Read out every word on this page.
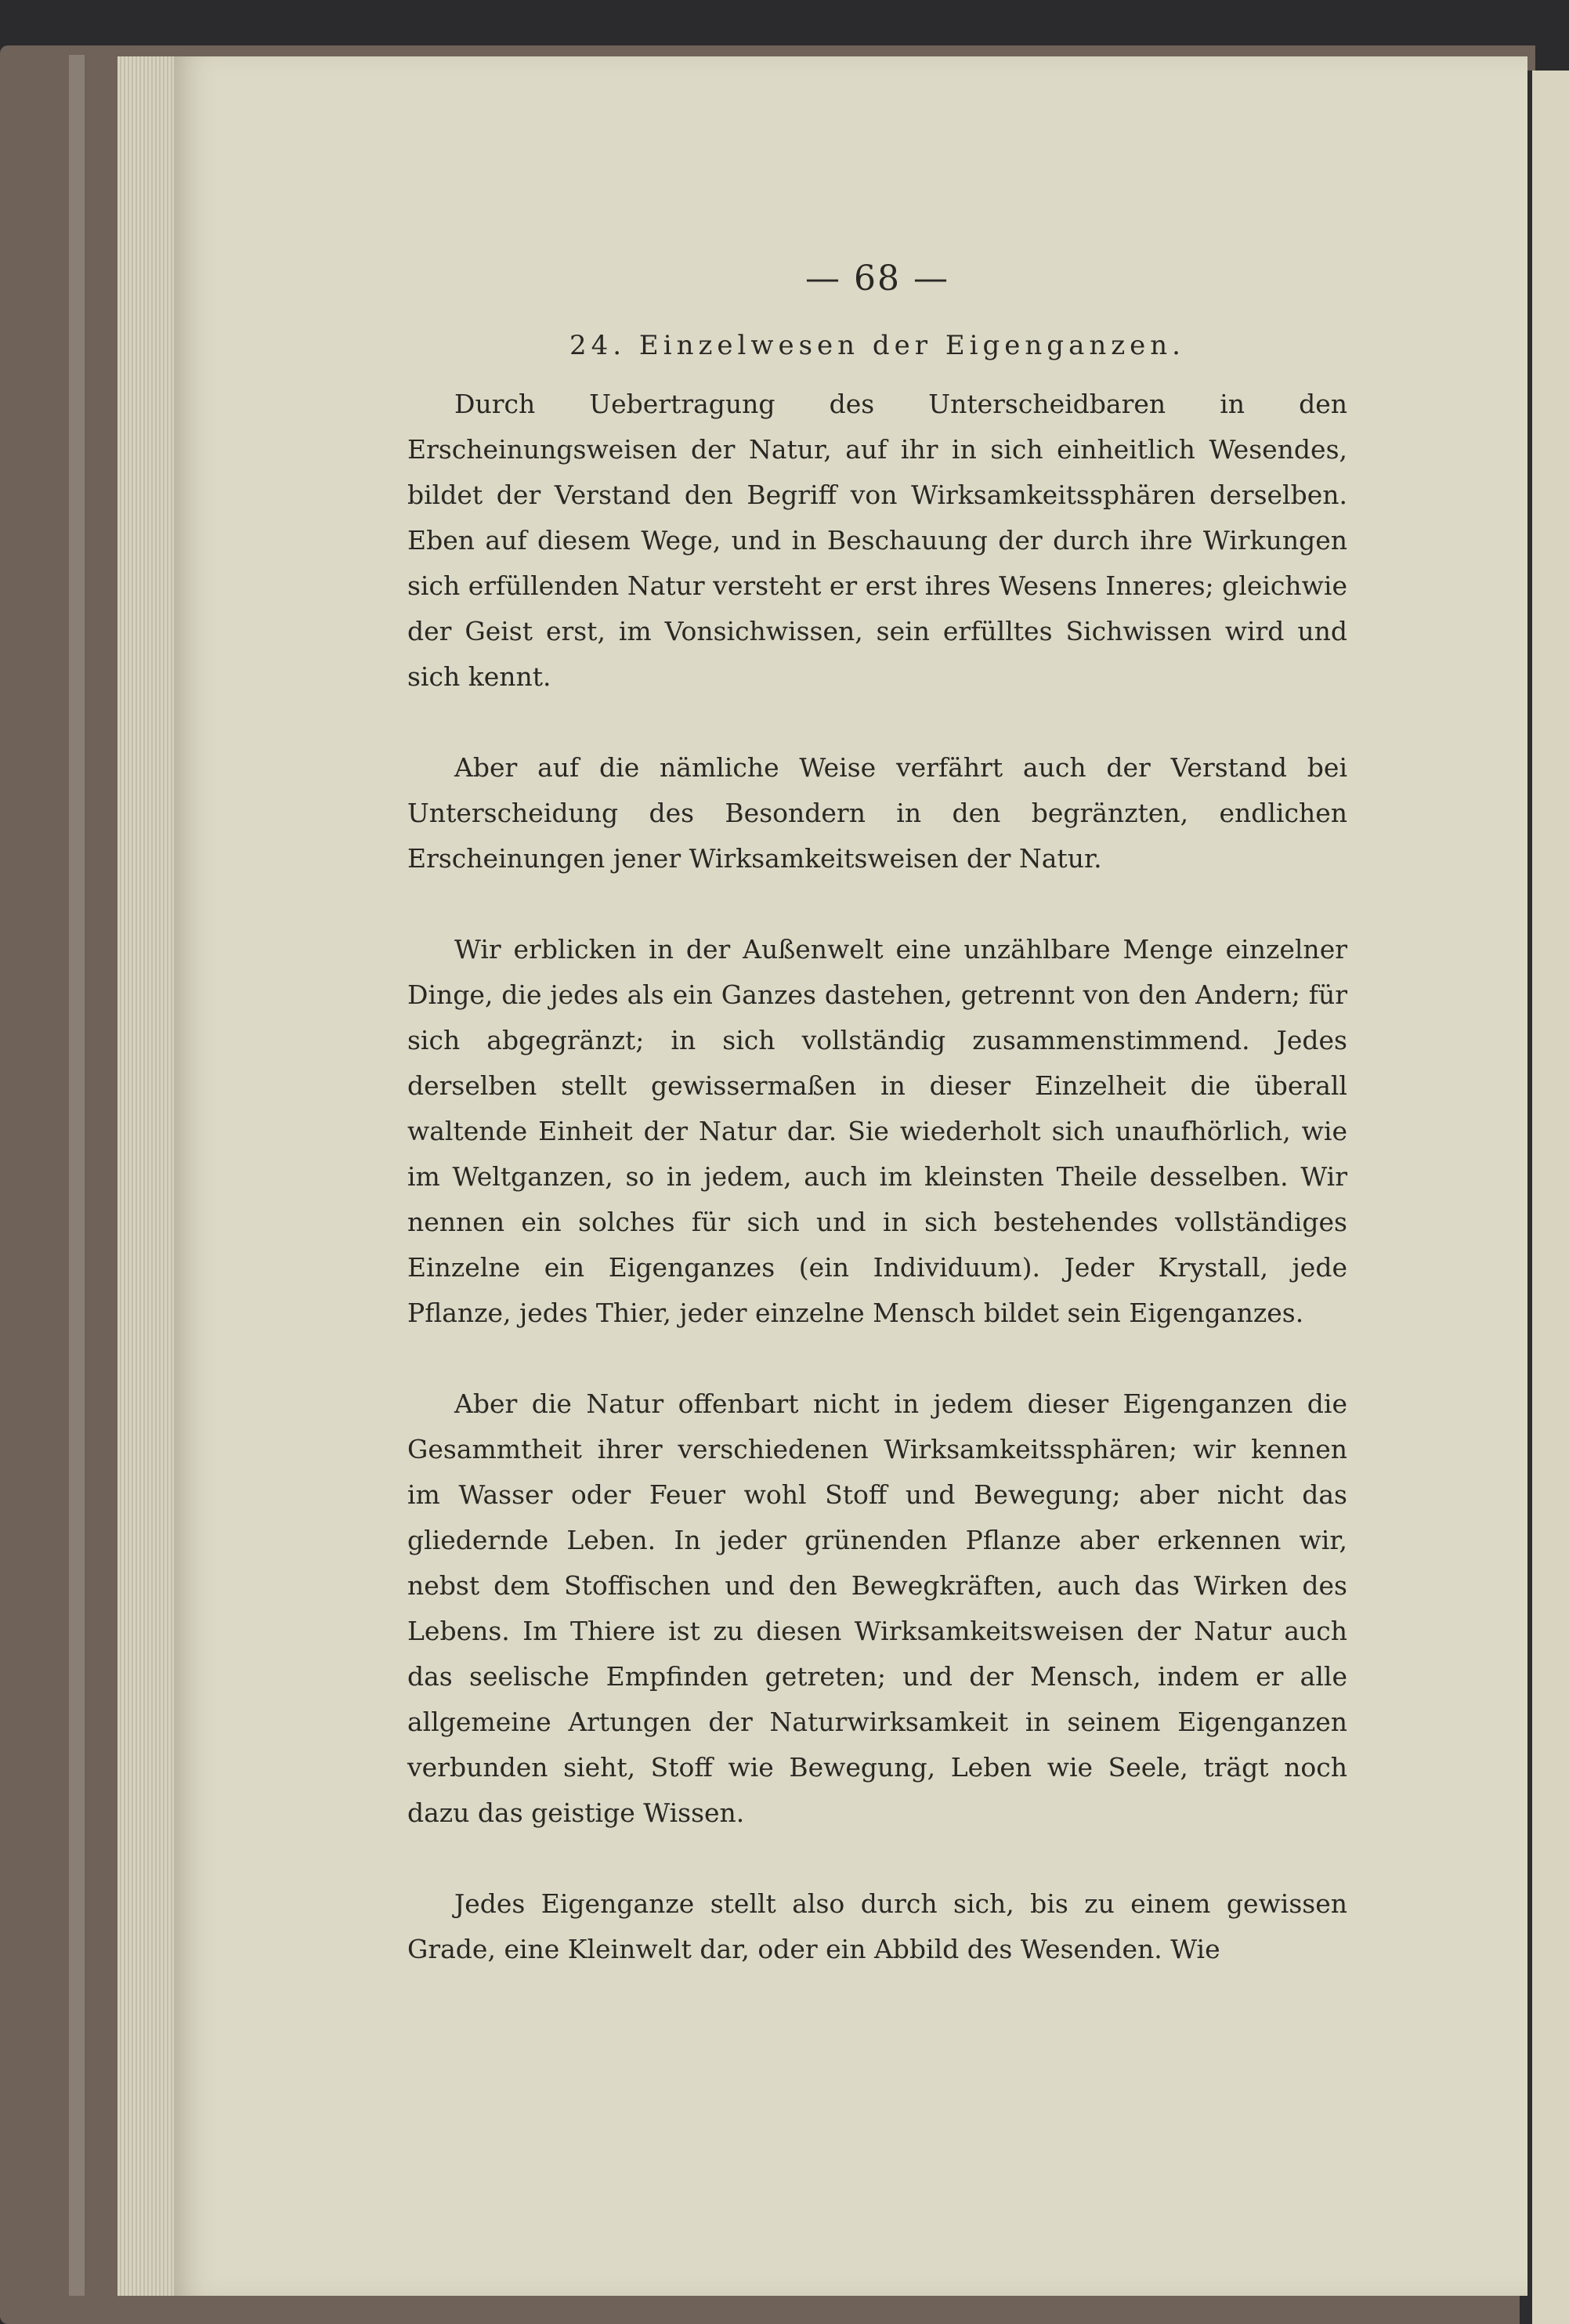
— 68 —
24. Einzelwesen der Eigenganzen.

Durch Uebertragung des Unterscheidbaren in den Erscheinungsweisen der Natur, auf ihr in sich einheitlich Wesendes, bildet der Verstand den Begriff von Wirksamkeitssphären derselben. Eben auf diesem Wege, und in Beschauung der durch ihre Wirkungen sich erfüllenden Natur versteht er erst ihres Wesens Inneres; gleichwie der Geist erst, im Vonsichwissen, sein erfülltes Sichwissen wird und sich kennt.

Aber auf die nämliche Weise verfährt auch der Verstand bei Unterscheidung des Besondern in den begränzten, endlichen Erscheinungen jener Wirksamkeitsweisen der Natur.

Wir erblicken in der Außenwelt eine unzählbare Menge einzelner Dinge, die jedes als ein Ganzes dastehen, getrennt von den Andern; für sich abgegränzt; in sich vollständig zusammenstimmend. Jedes derselben stellt gewissermaßen in dieser Einzelheit die überall waltende Einheit der Natur dar. Sie wiederholt sich unaufhörlich, wie im Weltganzen, so in jedem, auch im kleinsten Theile desselben. Wir nennen ein solches für sich und in sich bestehendes vollständiges Einzelne ein Eigenganzes (ein Individuum). Jeder Krystall, jede Pflanze, jedes Thier, jeder einzelne Mensch bildet sein Eigenganzes.

Aber die Natur offenbart nicht in jedem dieser Eigenganzen die Gesammtheit ihrer verschiedenen Wirksamkeitssphären; wir kennen im Wasser oder Feuer wohl Stoff und Bewegung; aber nicht das gliedernde Leben. In jeder grünenden Pflanze aber erkennen wir, nebst dem Stoffischen und den Bewegkräften, auch das Wirken des Lebens. Im Thiere ist zu diesen Wirksamkeitsweisen der Natur auch das seelische Empfinden getreten; und der Mensch, indem er alle allgemeine Artungen der Naturwirksamkeit in seinem Eigenganzen verbunden sieht, Stoff wie Bewegung, Leben wie Seele, trägt noch dazu das geistige Wissen.

Jedes Eigenganze stellt also durch sich, bis zu einem gewissen Grade, eine Kleinwelt dar, oder ein Abbild des Wesenden. Wie
